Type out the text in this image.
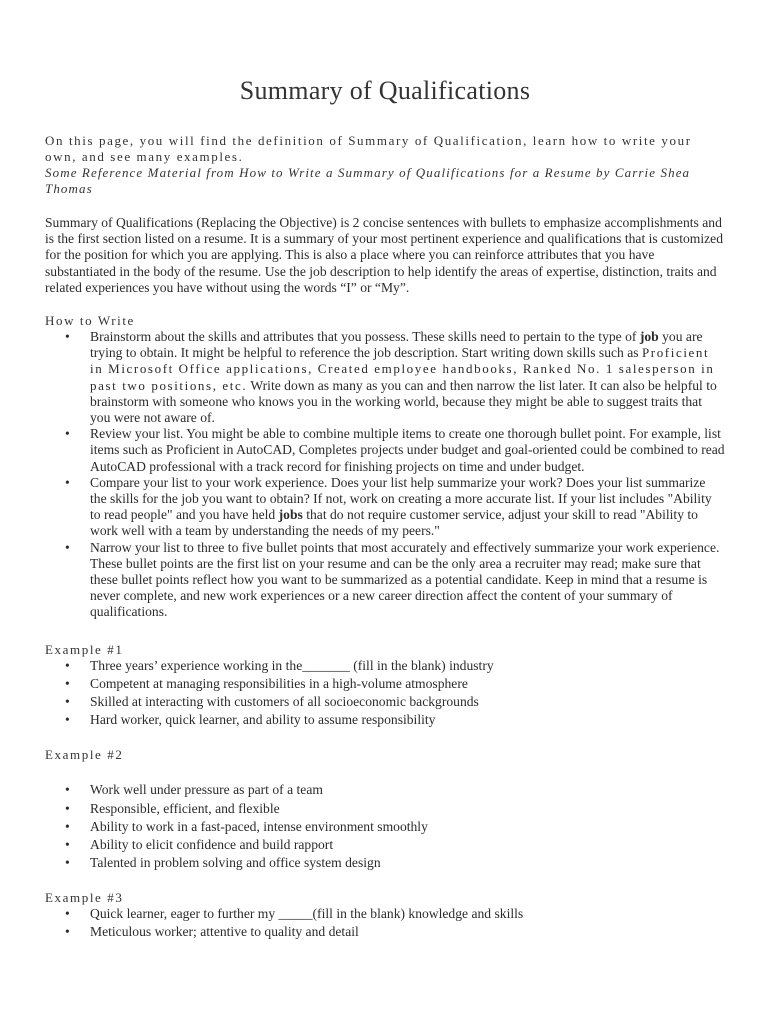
Summary of Qualifications

On this page, you will find the definition of Summary of Qualification, learn how to write your own, and see many examples.

Some Reference Material from How to Write a Summary of Qualifications for a Resume by Carrie Shea Thomas

Summary of Qualifications (Replacing the Objective) is 2 concise sentences with bullets to emphasize accomplishments and is the first section listed on a resume. It is a summary of your most pertinent experience and qualifications that is customized for the position for which you are applying. This is also a place where you can reinforce attributes that you have substantiated in the body of the resume. Use the job description to help identify the areas of expertise, distinction, traits and related experiences you have without using the words “I” or “My”.

How to Write
• Brainstorm about the skills and attributes that you possess. These skills need to pertain to the type of job you are trying to obtain. It might be helpful to reference the job description. Start writing down skills such as Proficient in Microsoft Office applications, Created employee handbooks, Ranked No. 1 salesperson in past two positions, etc. Write down as many as you can and then narrow the list later. It can also be helpful to brainstorm with someone who knows you in the working world, because they might be able to suggest traits that you were not aware of.
• Review your list. You might be able to combine multiple items to create one thorough bullet point. For example, list items such as Proficient in AutoCAD, Completes projects under budget and goal-oriented could be combined to read AutoCAD professional with a track record for finishing projects on time and under budget.
• Compare your list to your work experience. Does your list help summarize your work? Does your list summarize the skills for the job you want to obtain? If not, work on creating a more accurate list. If your list includes "Ability to read people" and you have held jobs that do not require customer service, adjust your skill to read "Ability to work well with a team by understanding the needs of my peers."
• Narrow your list to three to five bullet points that most accurately and effectively summarize your work experience. These bullet points are the first list on your resume and can be the only area a recruiter may read; make sure that these bullet points reflect how you want to be summarized as a potential candidate. Keep in mind that a resume is never complete, and new work experiences or a new career direction affect the content of your summary of qualifications.
Example #1
• Three years’ experience working in the_______ (fill in the blank) industry
• Competent at managing responsibilities in a high-volume atmosphere
• Skilled at interacting with customers of all socioeconomic backgrounds
• Hard worker, quick learner, and ability to assume responsibility
Example #2
• Work well under pressure as part of a team
• Responsible, efficient, and flexible
• Ability to work in a fast-paced, intense environment smoothly
• Ability to elicit confidence and build rapport
• Talented in problem solving and office system design
Example #3
• Quick learner, eager to further my _____(fill in the blank) knowledge and skills
• Meticulous worker; attentive to quality and detail
